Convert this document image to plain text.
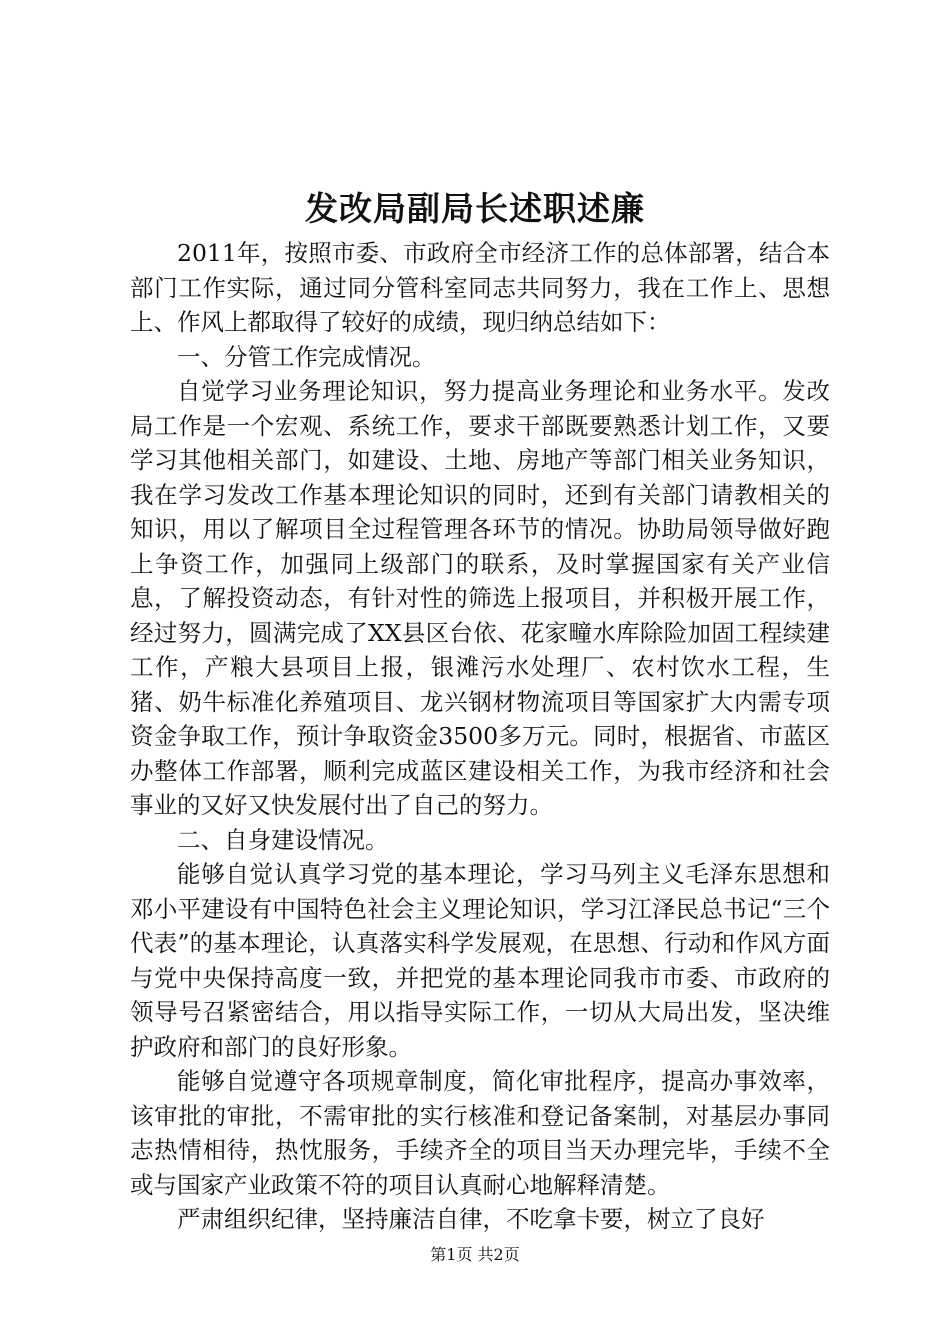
发改局副局长述职述廉

2011年，按照市委、市政府全市经济工作的总体部署，结合本部门工作实际，通过同分管科室同志共同努力，我在工作上、思想上、作风上都取得了较好的成绩，现归纳总结如下：

一、分管工作完成情况。

自觉学习业务理论知识，努力提高业务理论和业务水平。发改局工作是一个宏观、系统工作，要求干部既要熟悉计划工作，又要学习其他相关部门，如建设、土地、房地产等部门相关业务知识，我在学习发改工作基本理论知识的同时，还到有关部门请教相关的知识，用以了解项目全过程管理各环节的情况。协助局领导做好跑上争资工作，加强同上级部门的联系，及时掌握国家有关产业信息，了解投资动态，有针对性的筛选上报项目，并积极开展工作，经过努力，圆满完成了XX县区台依、花家疃水库除险加固工程续建工作，产粮大县项目上报，银滩污水处理厂、农村饮水工程，生猪、奶牛标准化养殖项目、龙兴钢材物流项目等国家扩大内需专项资金争取工作，预计争取资金3500多万元。同时，根据省、市蓝区办整体工作部署，顺利完成蓝区建设相关工作，为我市经济和社会事业的又好又快发展付出了自己的努力。

二、自身建设情况。

能够自觉认真学习党的基本理论，学习马列主义毛泽东思想和邓小平建设有中国特色社会主义理论知识，学习江泽民总书记“三个代表”的基本理论，认真落实科学发展观，在思想、行动和作风方面与党中央保持高度一致，并把党的基本理论同我市市委、市政府的领导号召紧密结合，用以指导实际工作，一切从大局出发，坚决维护政府和部门的良好形象。

能够自觉遵守各项规章制度，简化审批程序，提高办事效率，该审批的审批，不需审批的实行核准和登记备案制，对基层办事同志热情相待，热忱服务，手续齐全的项目当天办理完毕，手续不全或与国家产业政策不符的项目认真耐心地解释清楚。

严肃组织纪律，坚持廉洁自律，不吃拿卡要，树立了良好

第1页 共2页
